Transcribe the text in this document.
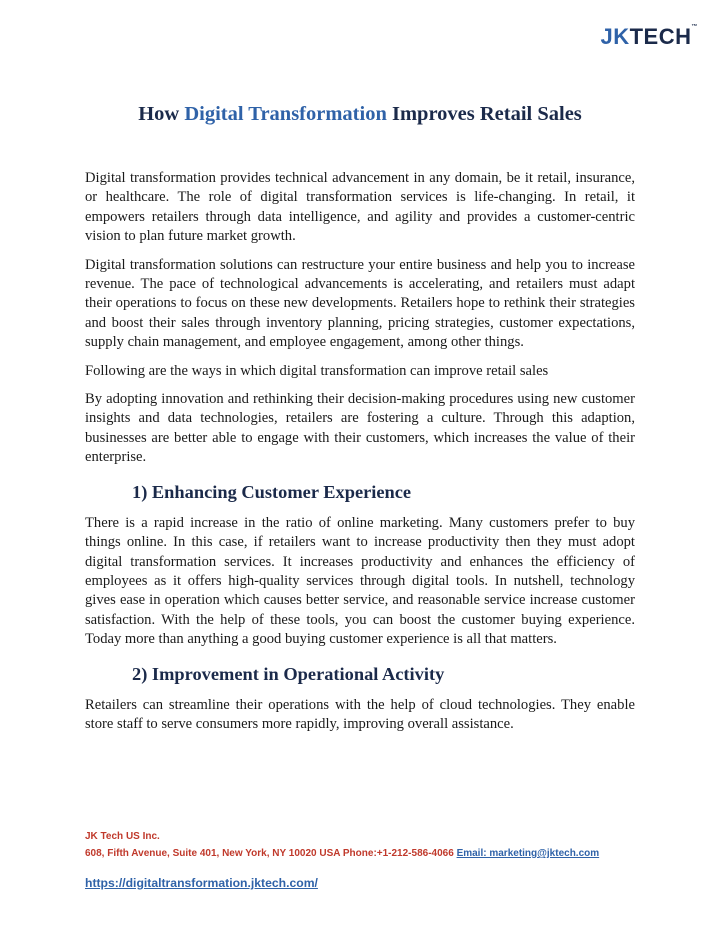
JKTECH™
How Digital Transformation Improves Retail Sales

Digital transformation provides technical advancement in any domain, be it retail, insurance, or healthcare. The role of digital transformation services is life-changing. In retail, it empowers retailers through data intelligence, and agility and provides a customer-centric vision to plan future market growth.

Digital transformation solutions can restructure your entire business and help you to increase revenue. The pace of technological advancements is accelerating, and retailers must adapt their operations to focus on these new developments. Retailers hope to rethink their strategies and boost their sales through inventory planning, pricing strategies, customer expectations, supply chain management, and employee engagement, among other things.

Following are the ways in which digital transformation can improve retail sales

By adopting innovation and rethinking their decision-making procedures using new customer insights and data technologies, retailers are fostering a culture. Through this adaption, businesses are better able to engage with their customers, which increases the value of their enterprise.

1) Enhancing Customer Experience

There is a rapid increase in the ratio of online marketing. Many customers prefer to buy things online. In this case, if retailers want to increase productivity then they must adopt digital transformation services. It increases productivity and enhances the efficiency of employees as it offers high-quality services through digital tools. In nutshell, technology gives ease in operation which causes better service, and reasonable service increase customer satisfaction. With the help of these tools, you can boost the customer buying experience. Today more than anything a good buying customer experience is all that matters.

2) Improvement in Operational Activity

Retailers can streamline their operations with the help of cloud technologies. They enable store staff to serve consumers more rapidly, improving overall assistance.

JK Tech US Inc.
608, Fifth Avenue, Suite 401, New York, NY 10020 USA Phone:+1-212-586-4066 Email: marketing@jktech.com
https://digitaltransformation.jktech.com/
